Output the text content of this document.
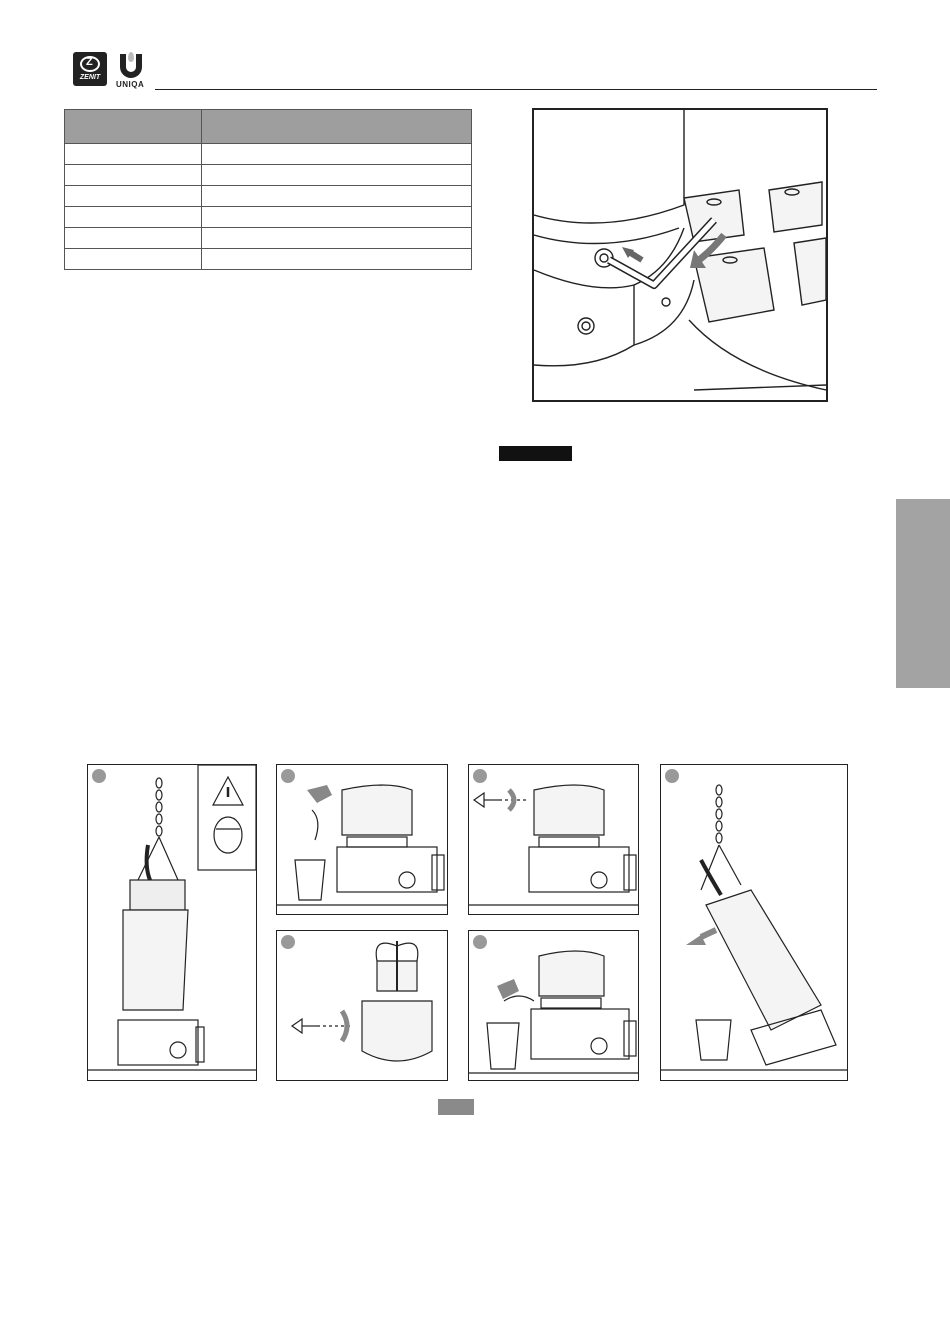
Z
ZENIT
UNIQA
